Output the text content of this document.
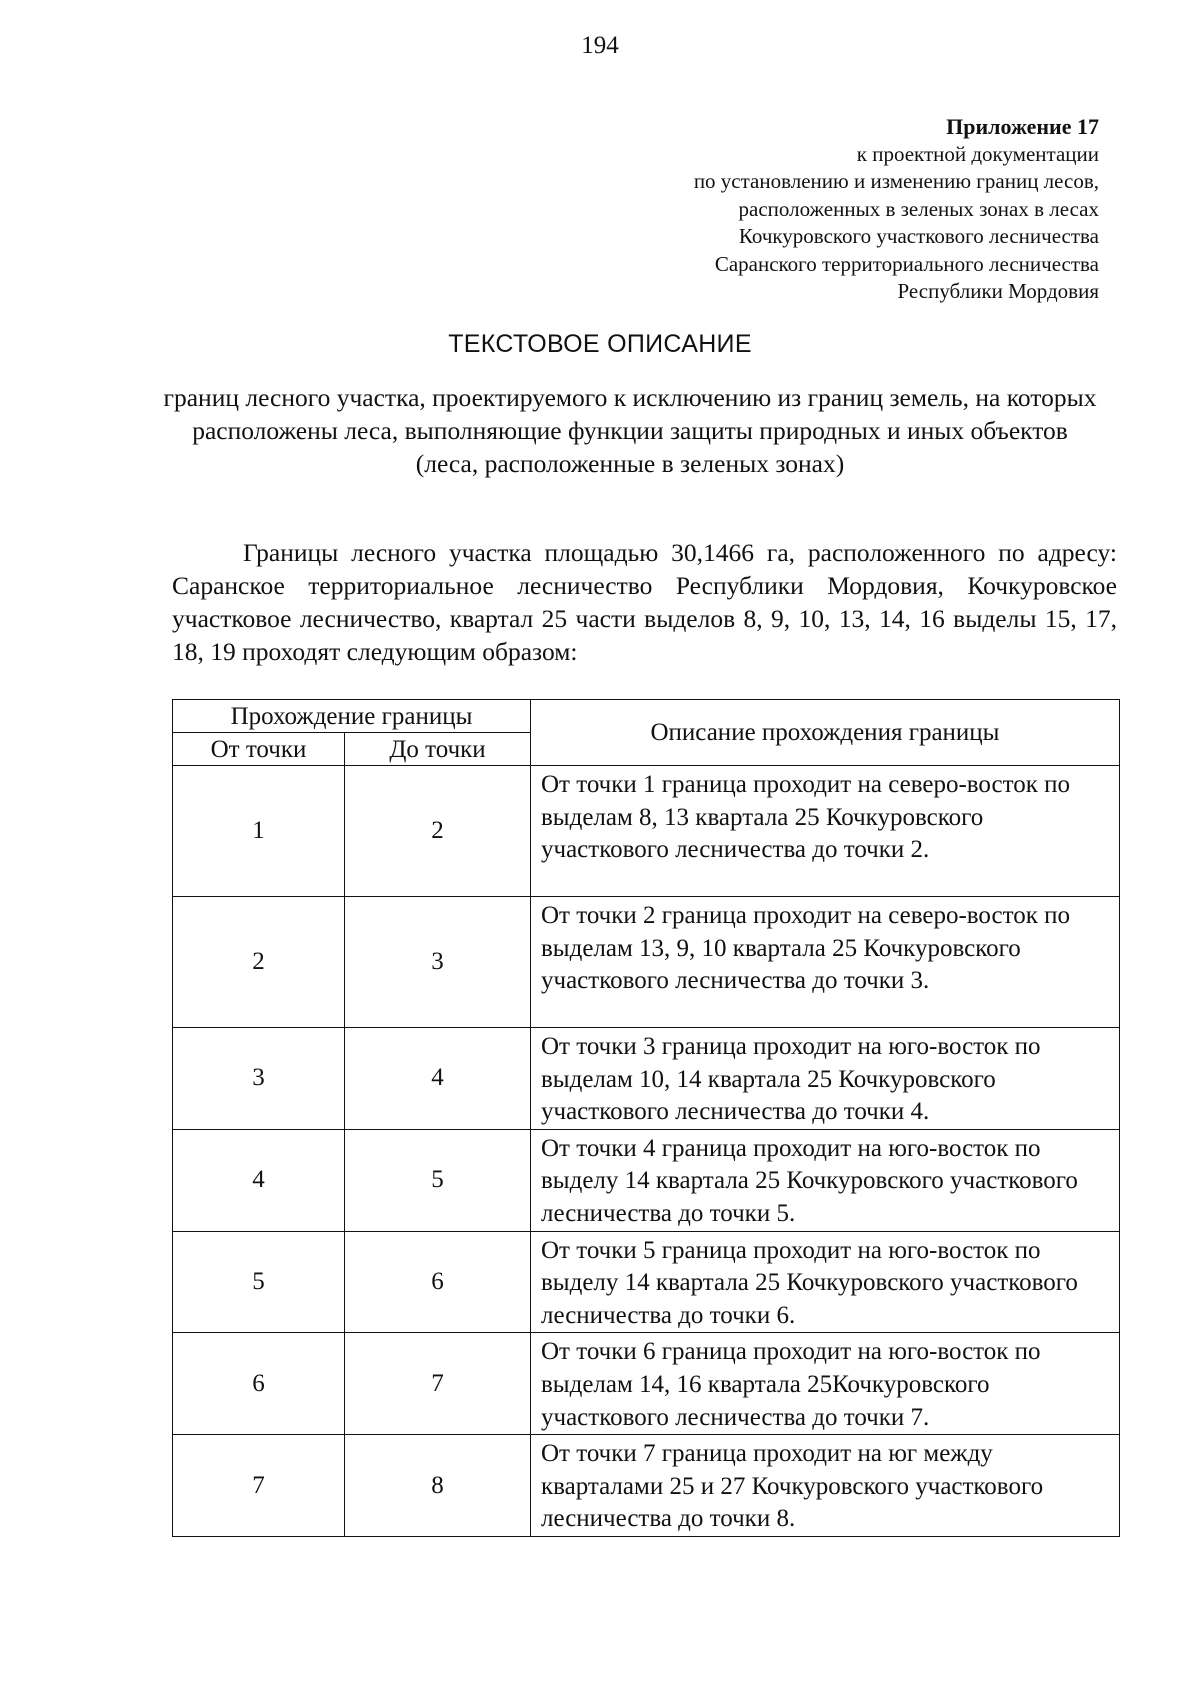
194
Приложение 17
к проектной документации
по установлению и изменению границ лесов,
расположенных в зеленых зонах в лесах
Кочкуровского участкового лесничества
Саранского территориального лесничества
Республики Мордовия
ТЕКСТОВОЕ ОПИСАНИЕ
границ лесного участка, проектируемого к исключению из границ земель, на которых расположены леса, выполняющие функции защиты природных и иных объектов (леса, расположенные в зеленых зонах)

Границы лесного участка площадью 30,1466 га, расположенного по адресу: Саранское территориальное лесничество Республики Мордовия, Кочкуровское участковое лесничество, квартал 25 части выделов 8, 9, 10, 13, 14, 16 выделы 15, 17, 18, 19 проходят следующим образом:

Прохождение границы		Описание прохождения границы
От точки	До точки	
1	2	От точки 1 граница проходит на северо-восток по выделам 8, 13 квартала 25 Кочкуровского участкового лесничества до точки 2.

2	3	От точки 2 граница проходит на северо-восток по выделам 13, 9, 10 квартала 25 Кочкуровского участкового лесничества до точки 3.

3	4	От точки 3 граница проходит на юго-восток по выделам 10, 14 квартала 25 Кочкуровского участкового лесничества до точки 4.

4	5	От точки 4 граница проходит на юго-восток по выделу 14 квартала 25 Кочкуровского участкового лесничества до точки 5.

5	6	От точки 5 граница проходит на юго-восток по выделу 14 квартала 25 Кочкуровского участкового лесничества до точки 6.

6	7	От точки 6 граница проходит на юго-восток по выделам 14, 16 квартала 25Кочкуровского участкового лесничества до точки 7.

7	8	От точки 7 граница проходит на юг между кварталами 25 и 27 Кочкуровского участкового лесничества до точки 8.
